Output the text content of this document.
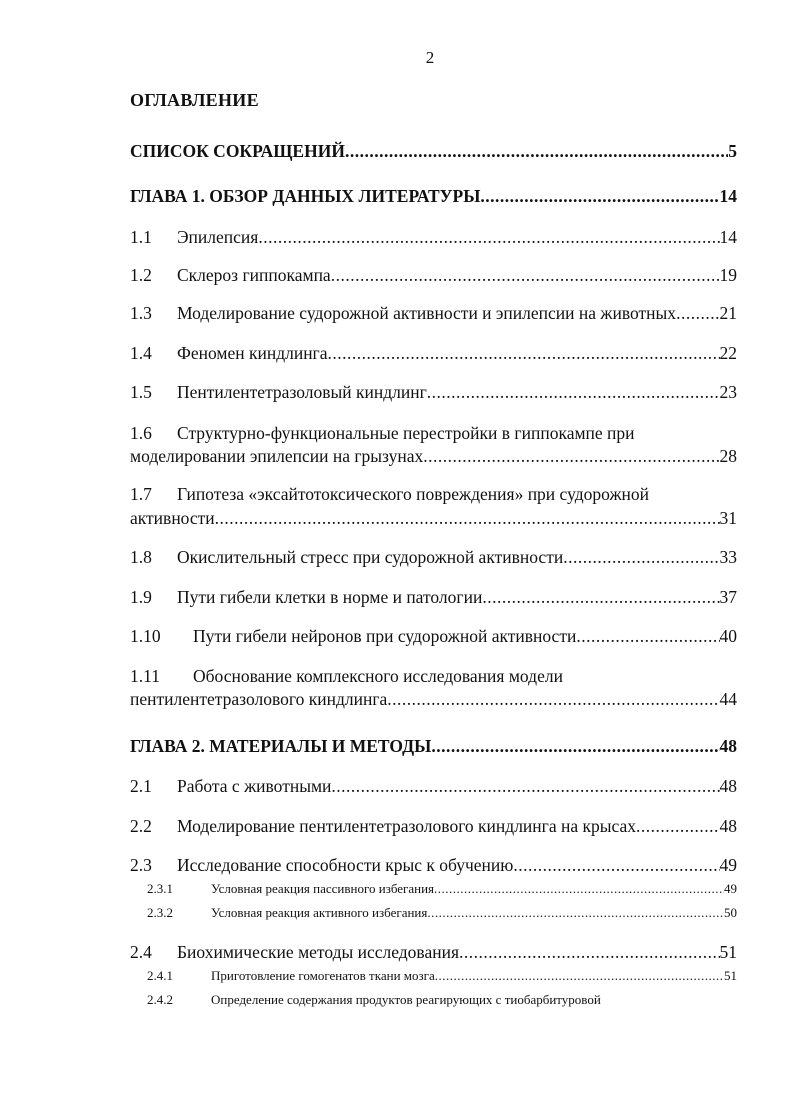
2
ОГЛАВЛЕНИЕ
СПИСОК СОКРАЩЕНИЙ .....	5
ГЛАВА 1. ОБЗОР ДАННЫХ ЛИТЕРАТУРЫ .....	14
1.1	Эпилепсия .....	14
1.2	Склероз гиппокампа .....	19
1.3	Моделирование судорожной активности и эпилепсии на животных ..... 21
1.4	Феномен киндлинга .....	22
1.5	Пентилентетразоловый киндлинг .....	23
1.6	Структурно-функциональные перестройки в гиппокампе при
моделировании эпилепсии на грызунах .....	28
1.7	Гипотеза «эксайтотоксического повреждения» при судорожной
активности .....	31
1.8	Окислительный стресс при судорожной активности .....	33
1.9	Пути гибели клетки в норме и патологии .....	37
1.10	Пути гибели нейронов при судорожной активности .....	40
1.11	Обоснование комплексного исследования модели
пентилентетразолового киндлинга .....	44
ГЛАВА 2. МАТЕРИАЛЫ И МЕТОДЫ .....	48
2.1	Работа с животными .....	48
2.2	Моделирование пентилентетразолового киндлинга на крысах .....	48
2.3	Исследование способности крыс к обучению .....	49
2.3.1	Условная реакция пассивного избегания .....	49
2.3.2	Условная реакция активного избегания .....	50
2.4	Биохимические методы исследования .....	51
2.4.1	Приготовление гомогенатов ткани мозга .....	51
2.4.2	Определение содержания продуктов реагирующих с тиобарбитуровой
